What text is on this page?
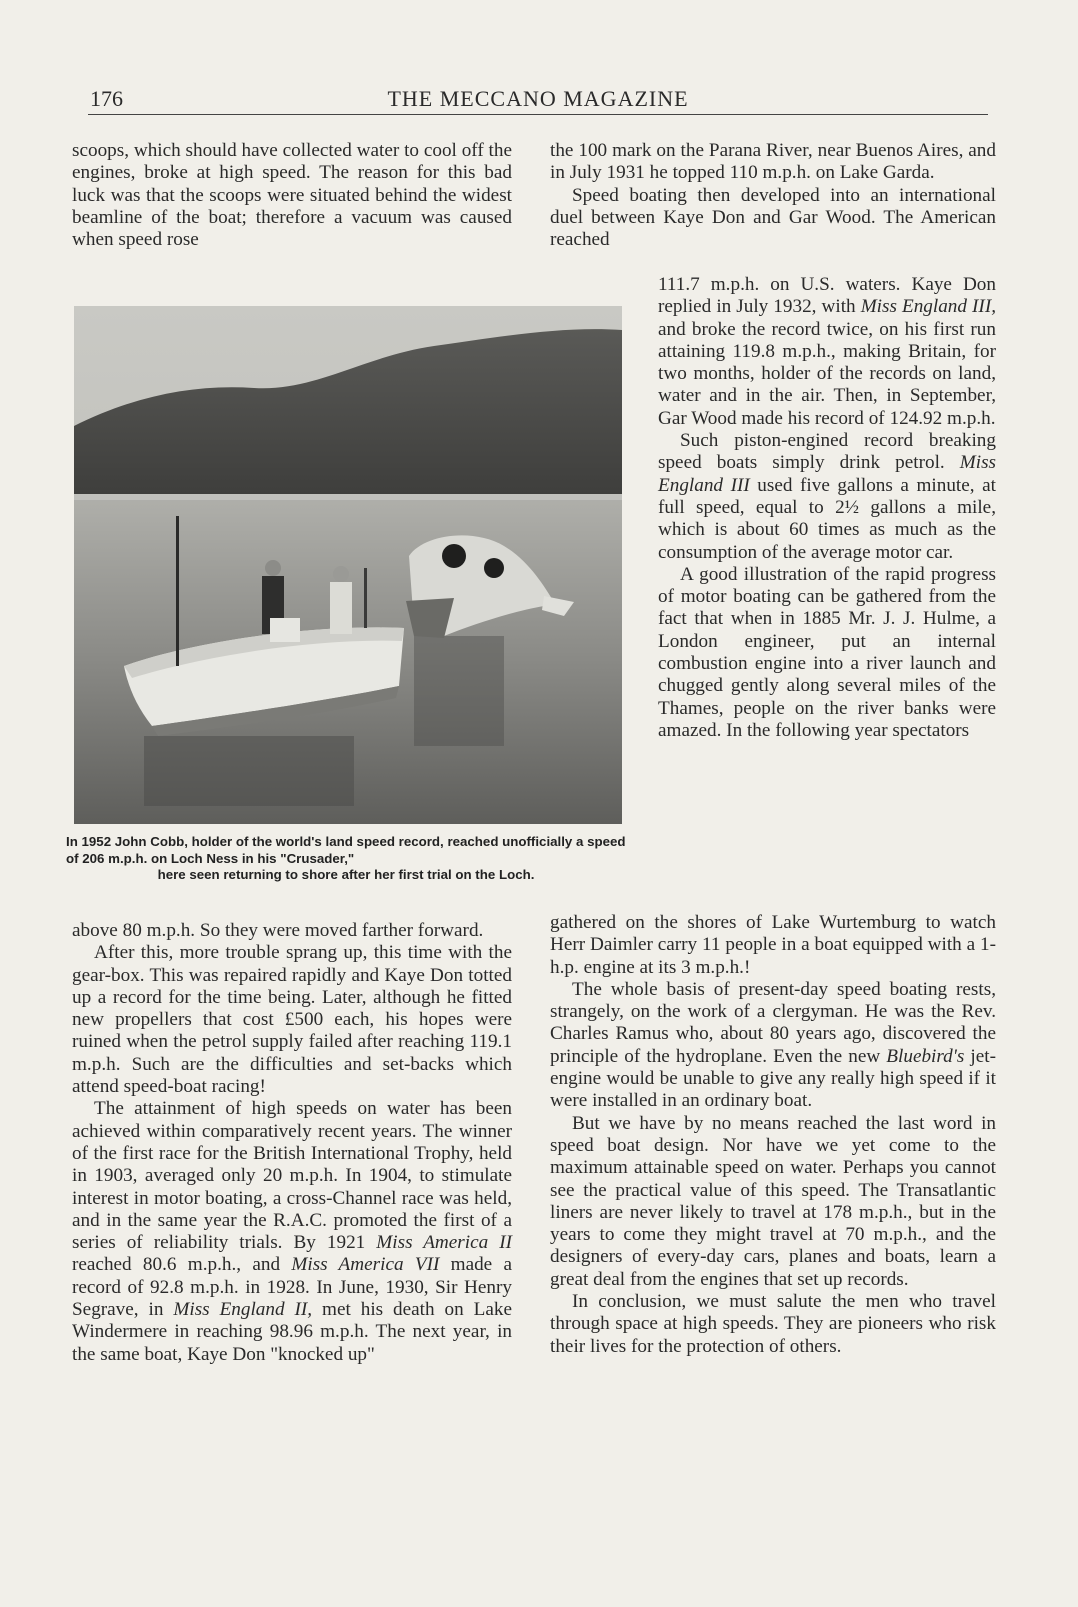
176	THE MECCANO MAGAZINE

scoops, which should have collected water to cool off the engines, broke at high speed. The reason for this bad luck was that the scoops were situated behind the widest beamline of the boat; therefore a vacuum was caused when speed rose

In 1952 John Cobb, holder of the world's land speed record, reached unofficially a speed of 206 m.p.h. on Loch Ness in his "Crusader,"
here seen returning to shore after her first trial on the Loch.

above 80 m.p.h. So they were moved farther forward.

After this, more trouble sprang up, this time with the gear-box. This was repaired rapidly and Kaye Don totted up a record for the time being. Later, although he fitted new propellers that cost £500 each, his hopes were ruined when the petrol supply failed after reaching 119.1 m.p.h. Such are the difficulties and set-backs which attend speed-boat racing!

The attainment of high speeds on water has been achieved within comparatively recent years. The winner of the first race for the British International Trophy, held in 1903, averaged only 20 m.p.h. In 1904, to stimulate interest in motor boating, a cross-Channel race was held, and in the same year the R.A.C. promoted the first of a series of reliability trials. By 1921 Miss America II reached 80.6 m.p.h., and Miss America VII made a record of 92.8 m.p.h. in 1928. In June, 1930, Sir Henry Segrave, in Miss England II, met his death on Lake Windermere in reaching 98.96 m.p.h. The next year, in the same boat, Kaye Don "knocked up"

the 100 mark on the Parana River, near Buenos Aires, and in July 1931 he topped 110 m.p.h. on Lake Garda.

Speed boating then developed into an international duel between Kaye Don and Gar Wood. The American reached

111.7 m.p.h. on U.S. waters. Kaye Don replied in July 1932, with Miss England III, and broke the record twice, on his first run attaining 119.8 m.p.h., making Britain, for two months, holder of the records on land, water and in the air. Then, in September, Gar Wood made his record of 124.92 m.p.h.

Such piston-engined record breaking speed boats simply drink petrol. Miss England III used five gallons a minute, at full speed, equal to 2½ gallons a mile, which is about 60 times as much as the consumption of the average motor car.

A good illustration of the rapid progress of motor boating can be gathered from the fact that when in 1885 Mr. J. J. Hulme, a London engineer, put an internal combustion engine into a river launch and chugged gently along several miles of the Thames, people on the river banks were amazed. In the following year spectators

gathered on the shores of Lake Wurtemburg to watch Herr Daimler carry 11 people in a boat equipped with a 1-h.p. engine at its 3 m.p.h.!

The whole basis of present-day speed boating rests, strangely, on the work of a clergyman. He was the Rev. Charles Ramus who, about 80 years ago, discovered the principle of the hydroplane. Even the new Bluebird's jet-engine would be unable to give any really high speed if it were installed in an ordinary boat.

But we have by no means reached the last word in speed boat design. Nor have we yet come to the maximum attainable speed on water. Perhaps you cannot see the practical value of this speed. The Transatlantic liners are never likely to travel at 178 m.p.h., but in the years to come they might travel at 70 m.p.h., and the designers of every-day cars, planes and boats, learn a great deal from the engines that set up records.

In conclusion, we must salute the men who travel through space at high speeds. They are pioneers who risk their lives for the protection of others.
